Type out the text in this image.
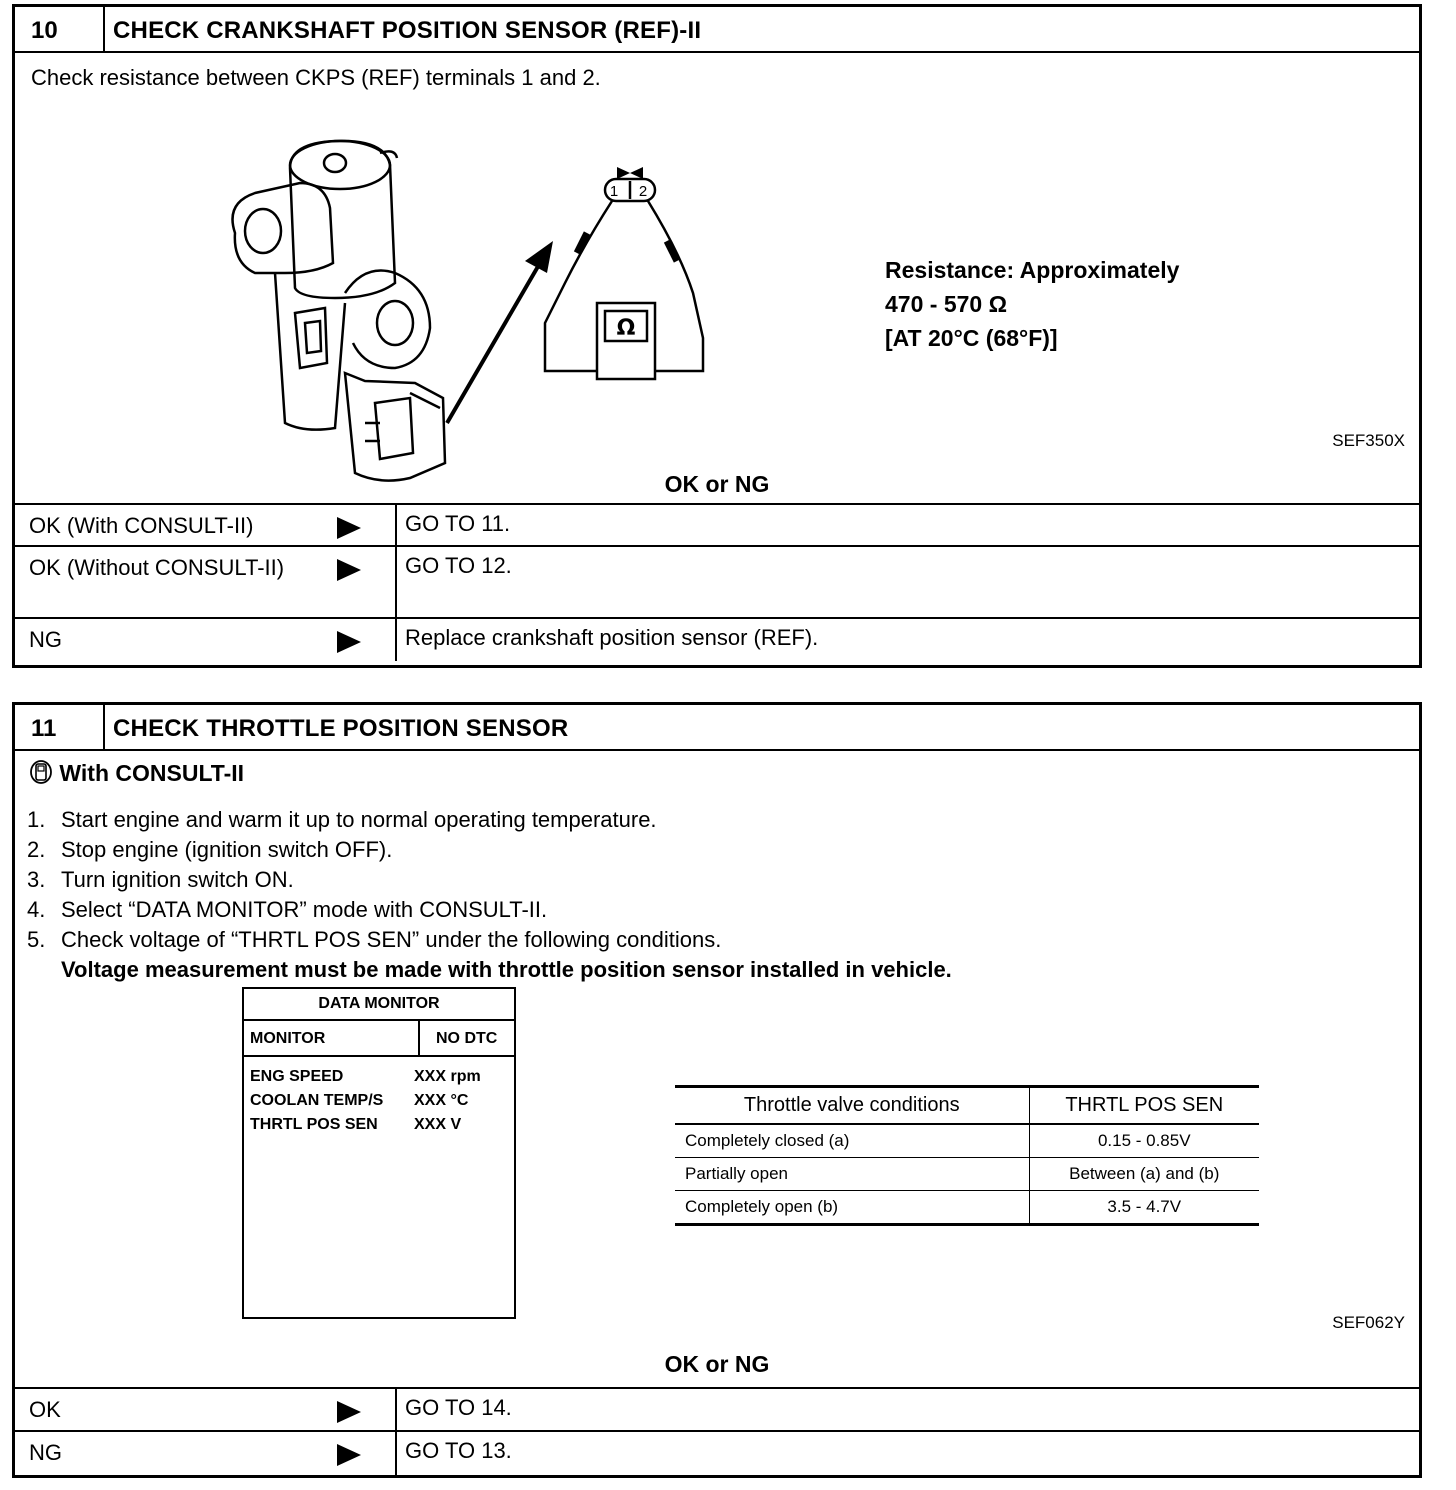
10	CHECK CRANKSHAFT POSITION SENSOR (REF)-II
Check resistance between CKPS (REF) terminals 1 and 2.
Ω
1 2
Resistance: Approximately
470 - 570 Ω
[AT 20°C (68°F)]
SEF350X
OK or NG
OK (With CONSULT-II)	GO TO 11.
OK (Without CONSULT-II)	GO TO 12.
NG	Replace crankshaft position sensor (REF).
11	CHECK THROTTLE POSITION SENSOR
With CONSULT-II
1. Start engine and warm it up to normal operating temperature.
2. Stop engine (ignition switch OFF).
3. Turn ignition switch ON.
4. Select “DATA MONITOR” mode with CONSULT-II.
5. Check voltage of “THRTL POS SEN” under the following conditions.
Voltage measurement must be made with throttle position sensor installed in vehicle.
DATA MONITOR
MONITOR	NO DTC
ENG SPEED	XXX rpm
COOLAN TEMP/S	XXX °C
THRTL POS SEN	XXX V
Throttle valve conditions	THRTL POS SEN
Completely closed (a)	0.15 - 0.85V
Partially open	Between (a) and (b)
Completely open (b)	3.5 - 4.7V
SEF062Y
OK or NG
OK	GO TO 14.
NG	GO TO 13.
